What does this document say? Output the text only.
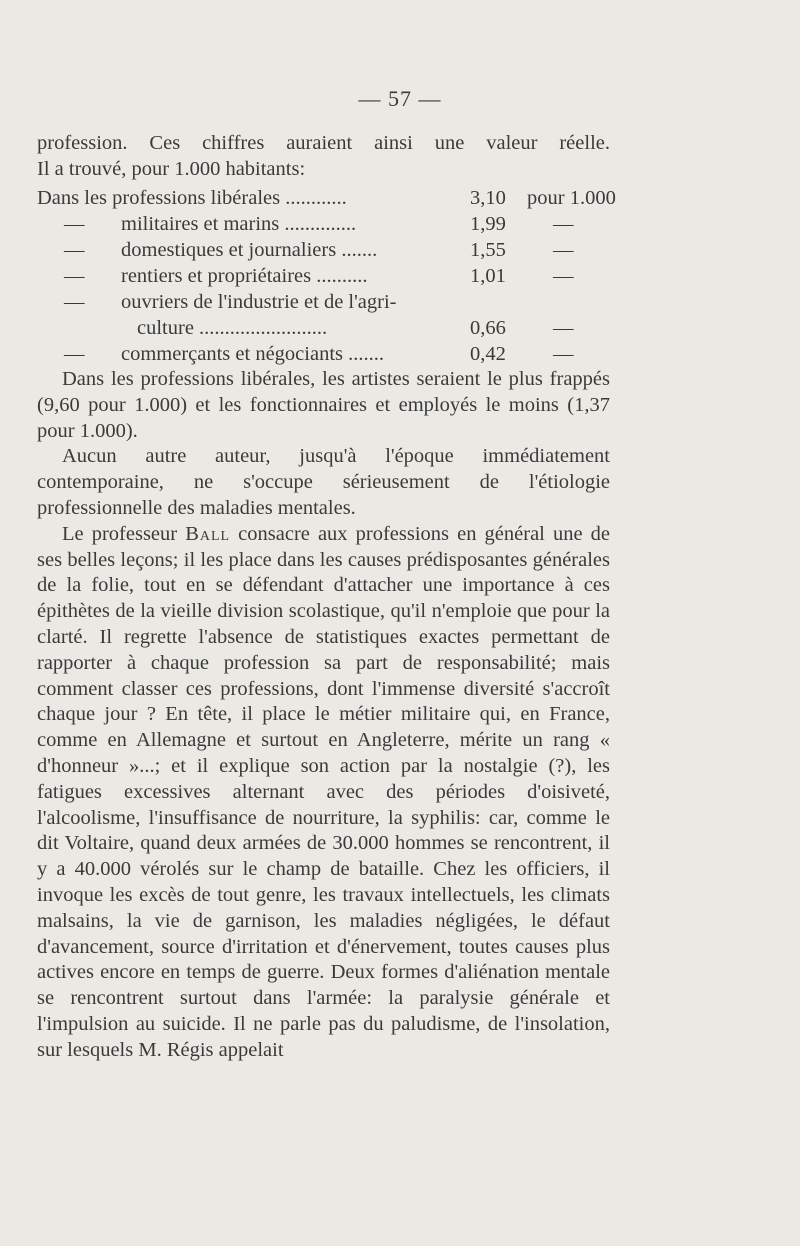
— 57 —

profession. Ces chiffres auraient ainsi une valeur réelle.

Il a trouvé, pour 1.000 habitants:

Dans les professions libérales ............	3,10 pour 1.000
— militaires et marins ..............	1,99 —
— domestiques et journaliers .......	1,55 —
— rentiers et propriétaires ..........	1,01 —
— ouvriers de l'industrie et de l'agri-
culture .........................	0,66 —
— commerçants et négociants .......	0,42 —

Dans les professions libérales, les artistes seraient le plus frappés (9,60 pour 1.000) et les fonctionnaires et employés le moins (1,37 pour 1.000).

Aucun autre auteur, jusqu'à l'époque immédiatement contemporaine, ne s'occupe sérieusement de l'étiologie professionnelle des maladies mentales.

Le professeur Ball consacre aux professions en général une de ses belles leçons; il les place dans les causes prédisposantes générales de la folie, tout en se défendant d'attacher une importance à ces épithètes de la vieille division scolastique, qu'il n'emploie que pour la clarté. Il regrette l'absence de statistiques exactes permettant de rapporter à chaque profession sa part de responsabilité; mais comment classer ces professions, dont l'immense diversité s'accroît chaque jour ? En tête, il place le métier militaire qui, en France, comme en Allemagne et surtout en Angleterre, mérite un rang « d'honneur »...; et il explique son action par la nostalgie (?), les fatigues excessives alternant avec des périodes d'oisiveté, l'alcoolisme, l'insuffisance de nourriture, la syphilis: car, comme le dit Voltaire, quand deux armées de 30.000 hommes se rencontrent, il y a 40.000 vérolés sur le champ de bataille. Chez les officiers, il invoque les excès de tout genre, les travaux intellectuels, les climats malsains, la vie de garnison, les maladies négligées, le défaut d'avancement, source d'irritation et d'énervement, toutes causes plus actives encore en temps de guerre. Deux formes d'aliénation mentale se rencontrent surtout dans l'armée: la paralysie générale et l'impulsion au suicide. Il ne parle pas du paludisme, de l'insolation, sur lesquels M. Régis appelait
